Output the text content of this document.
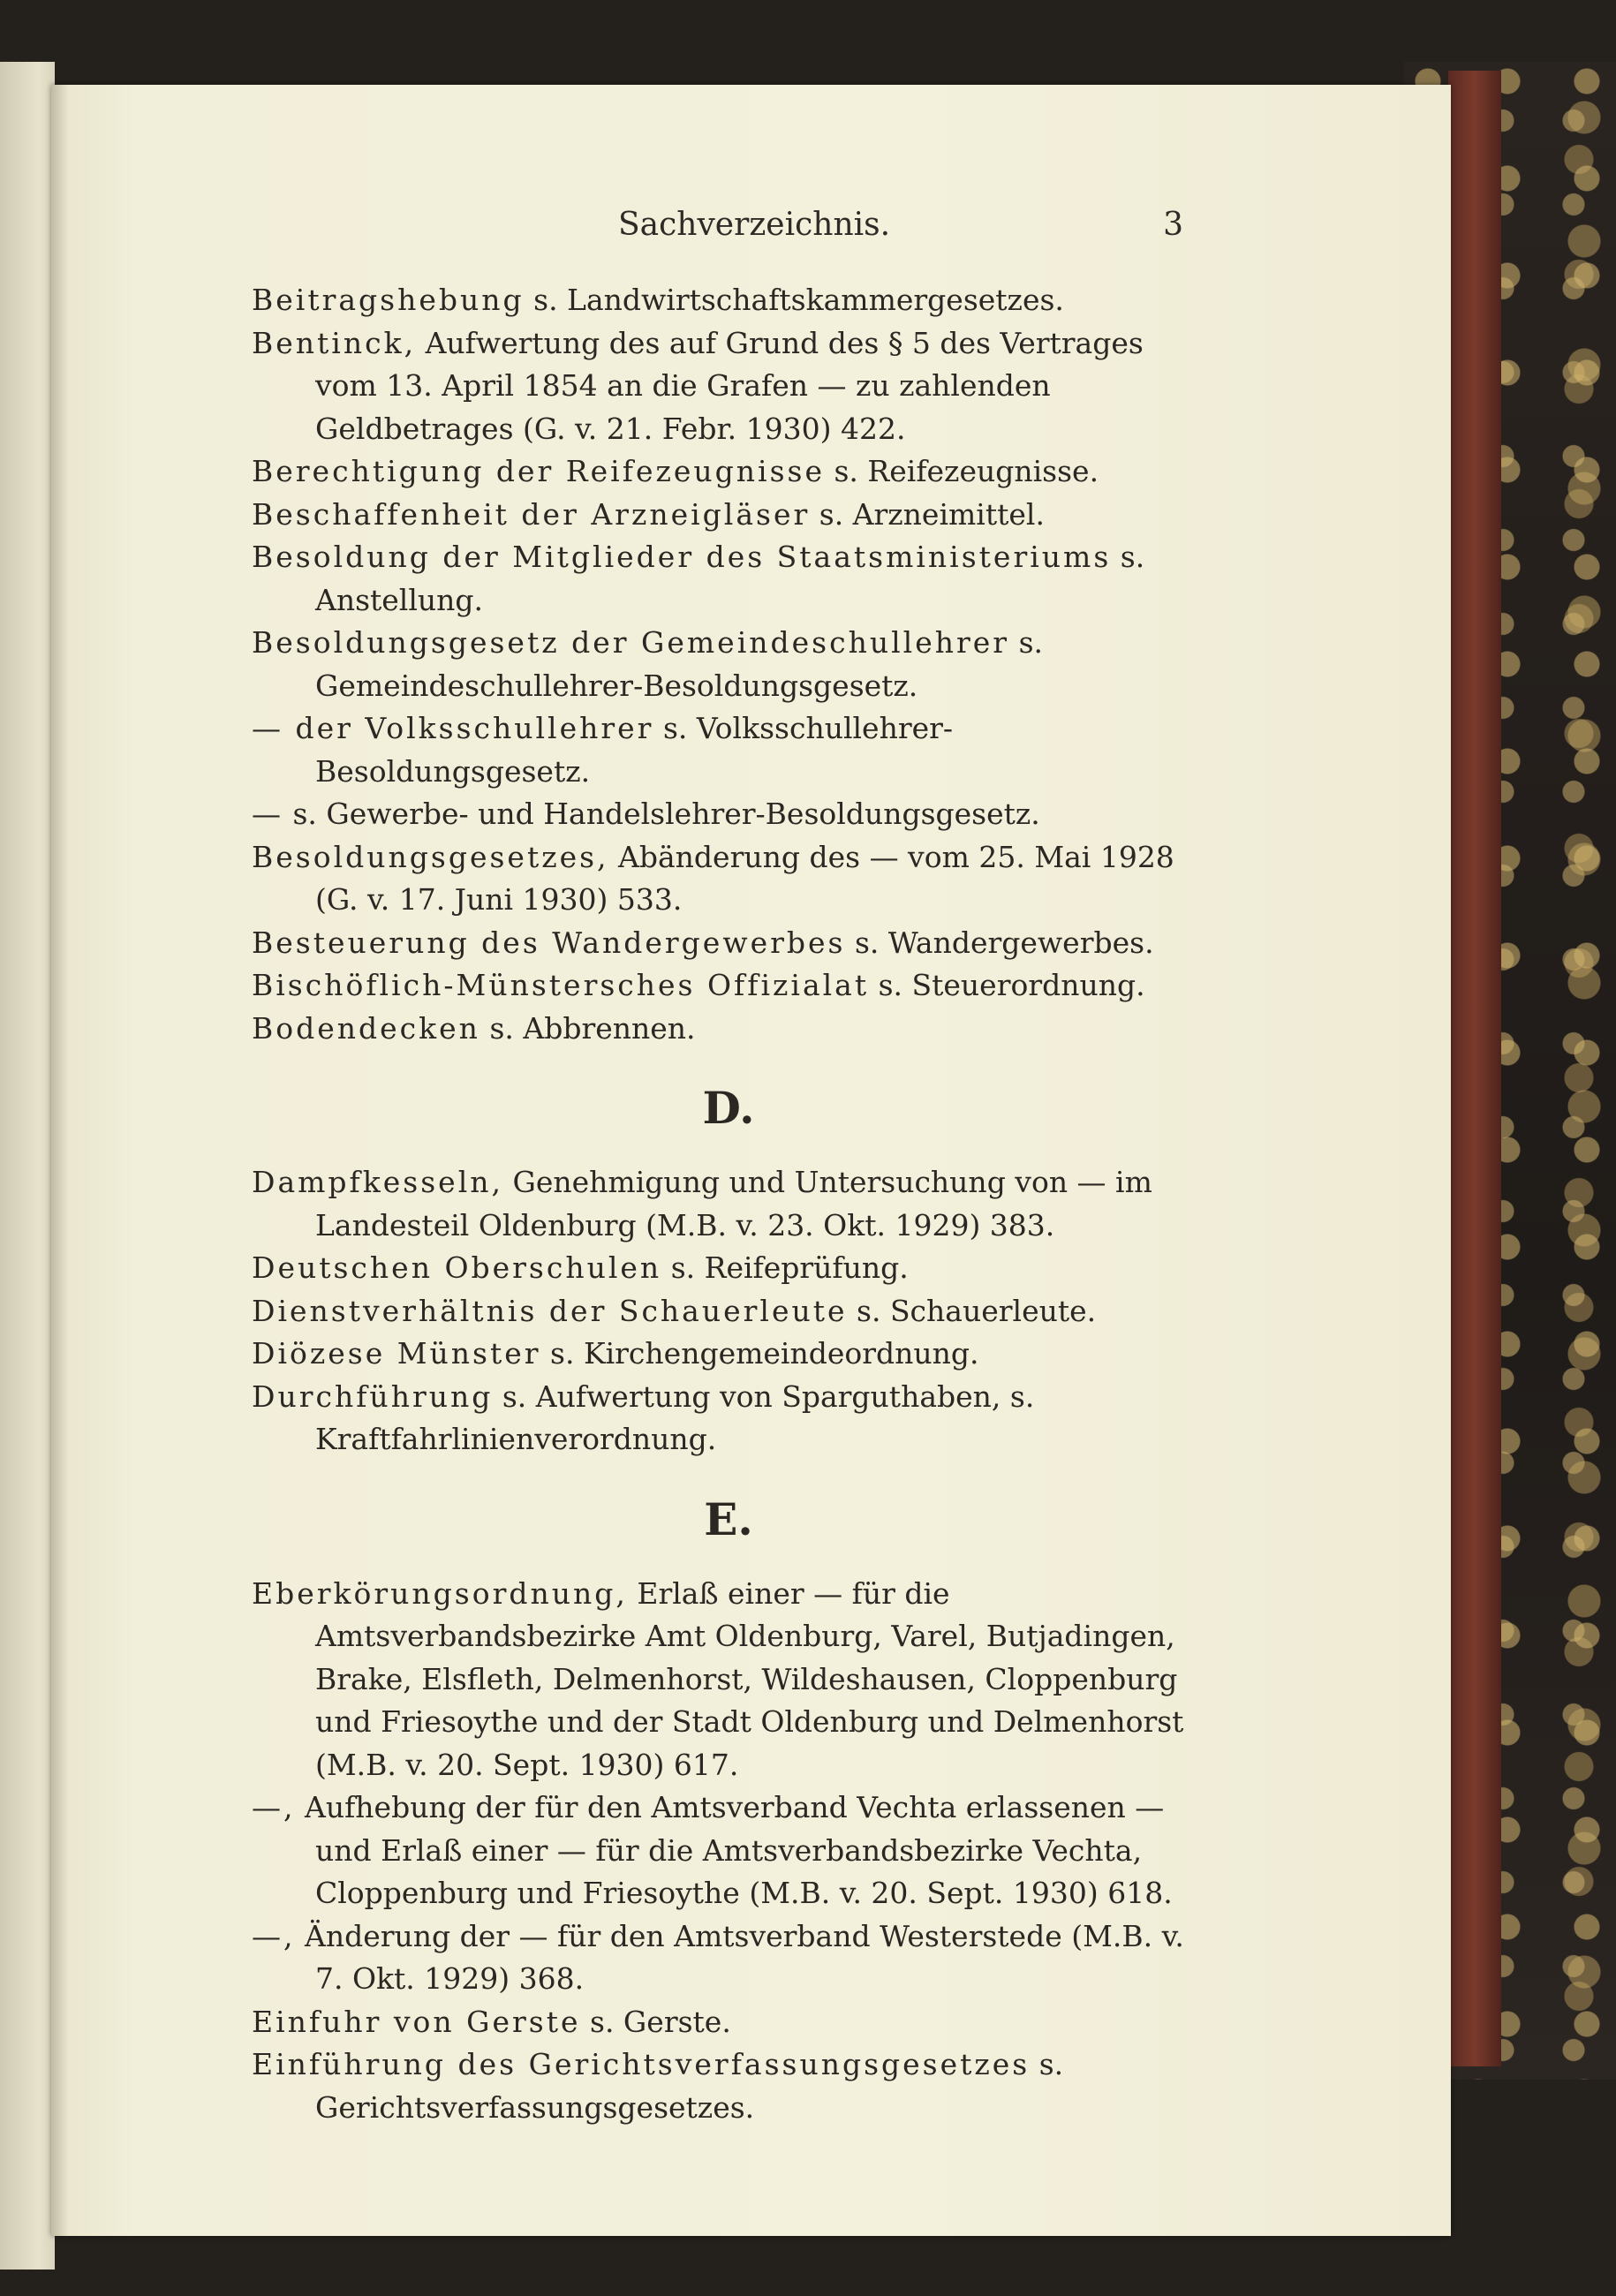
Sachverzeichnis.	3

Beitragshebung s. Landwirtschaftskammergesetzes.

Bentinck, Aufwertung des auf Grund des § 5 des Vertrages vom 13. April 1854 an die Grafen — zu zahlenden Geldbetrages (G. v. 21. Febr. 1930) 422.

Berechtigung der Reifezeugnisse s. Reifezeugnisse.

Beschaffenheit der Arzneigläser s. Arzneimittel.

Besoldung der Mitglieder des Staatsministeriums s. Anstellung.

Besoldungsgesetz der Gemeindeschullehrer s. Gemeindeschullehrer-Besoldungsgesetz.

— der Volksschullehrer s. Volksschullehrer-Besoldungsgesetz.

— s. Gewerbe- und Handelslehrer-Besoldungsgesetz.

Besoldungsgesetzes, Abänderung des — vom 25. Mai 1928 (G. v. 17. Juni 1930) 533.

Besteuerung des Wandergewerbes s. Wandergewerbes.

Bischöflich-Münstersches Offizialat s. Steuerordnung.

Bodendecken s. Abbrennen.

D.

Dampfkesseln, Genehmigung und Untersuchung von — im Landesteil Oldenburg (M.B. v. 23. Okt. 1929) 383.

Deutschen Oberschulen s. Reifeprüfung.

Dienstverhältnis der Schauerleute s. Schauerleute.

Diözese Münster s. Kirchengemeindeordnung.

Durchführung s. Aufwertung von Sparguthaben, s. Kraftfahrlinienverordnung.

E.

Eberkörungsordnung, Erlaß einer — für die Amtsverbandsbezirke Amt Oldenburg, Varel, Butjadingen, Brake, Elsfleth, Delmenhorst, Wildeshausen, Cloppenburg und Friesoythe und der Stadt Oldenburg und Delmenhorst (M.B. v. 20. Sept. 1930) 617.

—, Aufhebung der für den Amtsverband Vechta erlassenen — und Erlaß einer — für die Amtsverbandsbezirke Vechta, Cloppenburg und Friesoythe (M.B. v. 20. Sept. 1930) 618.

—, Änderung der — für den Amtsverband Westerstede (M.B. v. 7. Okt. 1929) 368.

Einfuhr von Gerste s. Gerste.

Einführung des Gerichtsverfassungsgesetzes s. Gerichtsverfassungsgesetzes.
